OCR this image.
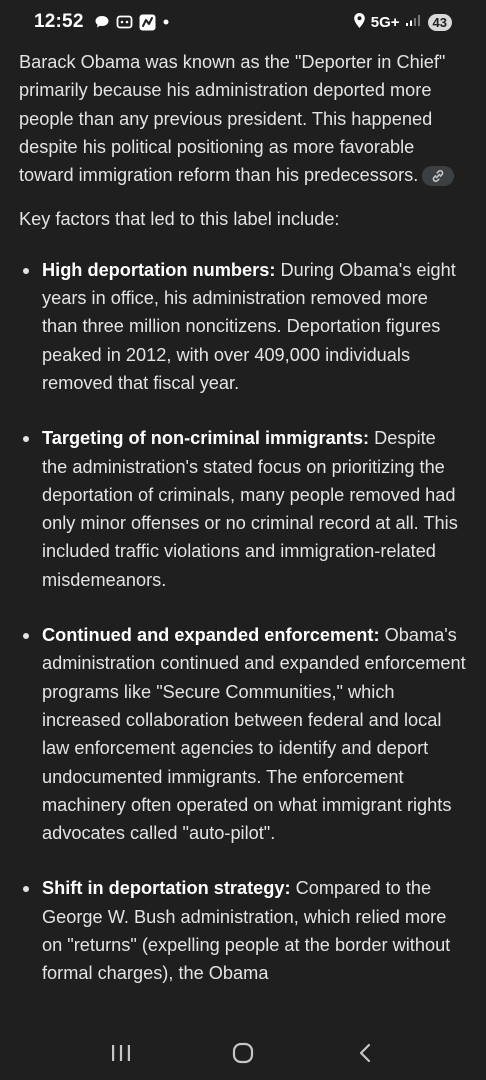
12:52	5G+	43

Barack Obama was known as the "Deporter in Chief" primarily because his administration deported more people than any previous president. This happened despite his political positioning as more favorable toward immigration reform than his predecessors.

Key factors that led to this label include:

High deportation numbers: During Obama's eight years in office, his administration removed more than three million noncitizens. Deportation figures peaked in 2012, with over 409,000 individuals removed that fiscal year.
Targeting of non-criminal immigrants: Despite the administration's stated focus on prioritizing the deportation of criminals, many people removed had only minor offenses or no criminal record at all. This included traffic violations and immigration-related misdemeanors.
Continued and expanded enforcement: Obama's administration continued and expanded enforcement programs like "Secure Communities," which increased collaboration between federal and local law enforcement agencies to identify and deport undocumented immigrants. The enforcement machinery often operated on what immigrant rights advocates called "auto-pilot".
Shift in deportation strategy: Compared to the George W. Bush administration, which relied more on "returns" (expelling people at the border without formal charges), the Obama
